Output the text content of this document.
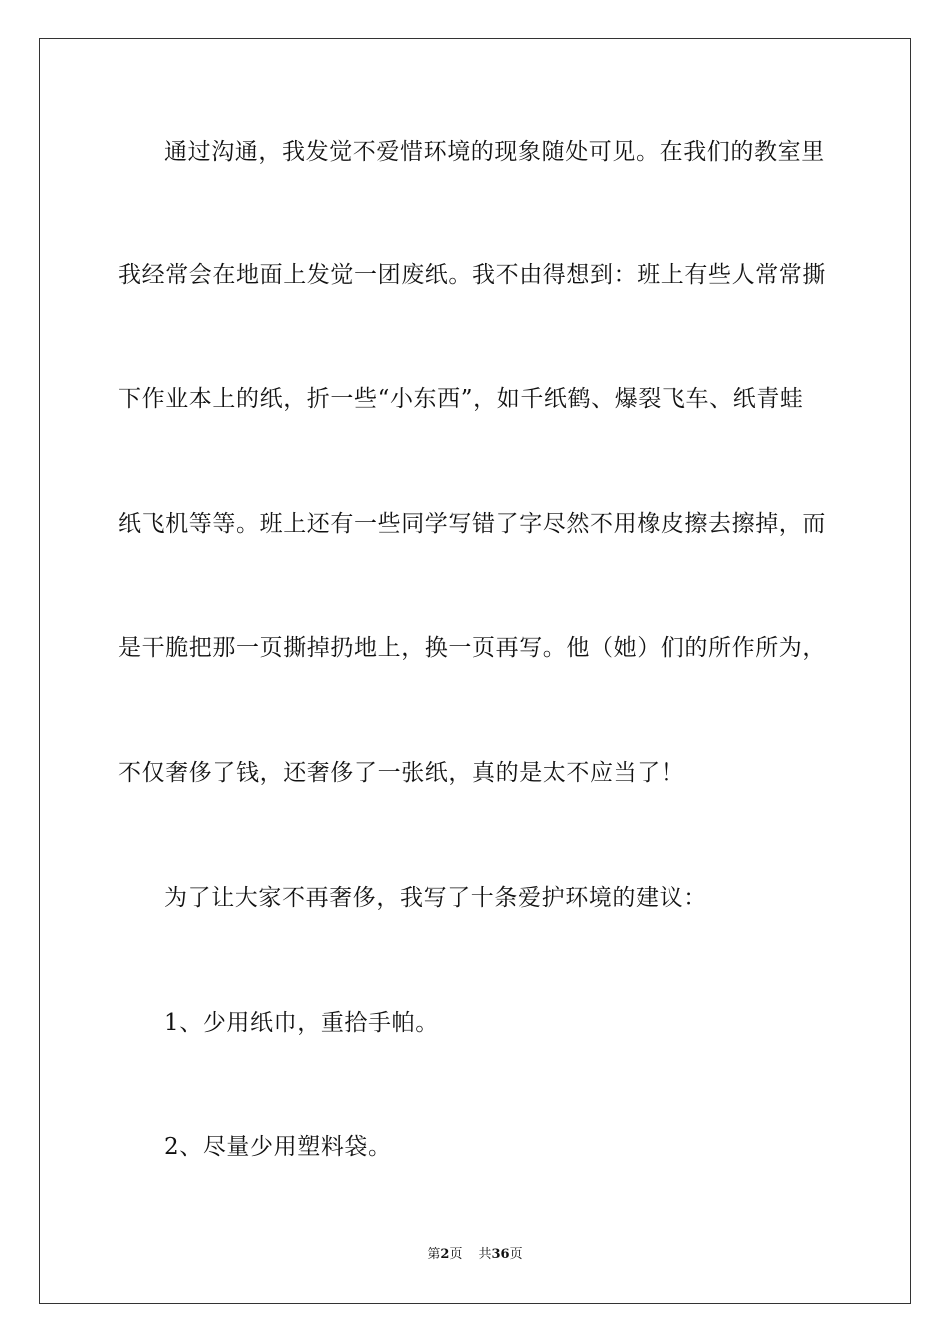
通过沟通，我发觉不爱惜环境的现象随处可见。在我们的教室里
我经常会在地面上发觉一团废纸。我不由得想到：班上有些人常常撕
下作业本上的纸，折一些“小东西”，如千纸鹤、爆裂飞车、纸青蛙
纸飞机等等。班上还有一些同学写错了字尽然不用橡皮擦去擦掉，而
是干脆把那一页撕掉扔地上，换一页再写。他（她）们的所作所为，
不仅奢侈了钱，还奢侈了一张纸，真的是太不应当了！
为了让大家不再奢侈，我写了十条爱护环境的建议：
1、少用纸巾，重拾手帕。
2、尽量少用塑料袋。
第2页 共36页
